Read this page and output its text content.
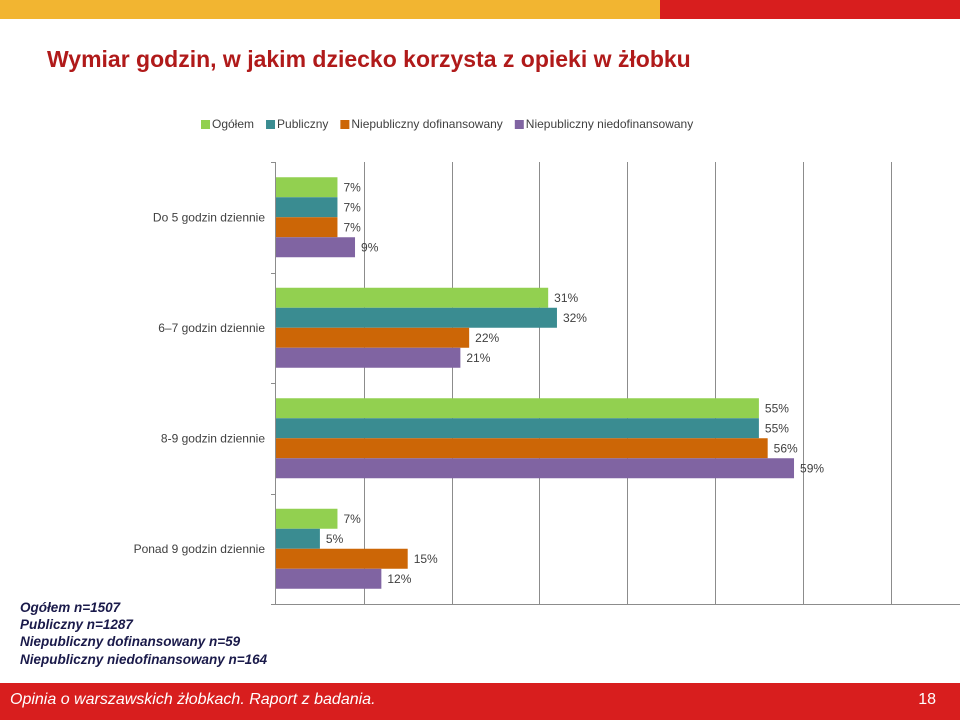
Wymiar godzin, w jakim dziecko korzysta z opieki w żłobku
Do 5 godzin dziennie
7%
7%
7%
9%
6–7 godzin dziennie
31%
32%
22%
21%
8-9 godzin dziennie
55%
55%
56%
59%
Ponad 9 godzin dziennie
7%
5%
15%
12%
Ogółem Publiczny Niepubliczny dofinansowany Niepubliczny niedofinansowany
Ogółem n=1507
Publiczny n=1287
Niepubliczny dofinansowany n=59
Niepubliczny niedofinansowany n=164
Opinia o warszawskich żłobkach. Raport z badania.	18
